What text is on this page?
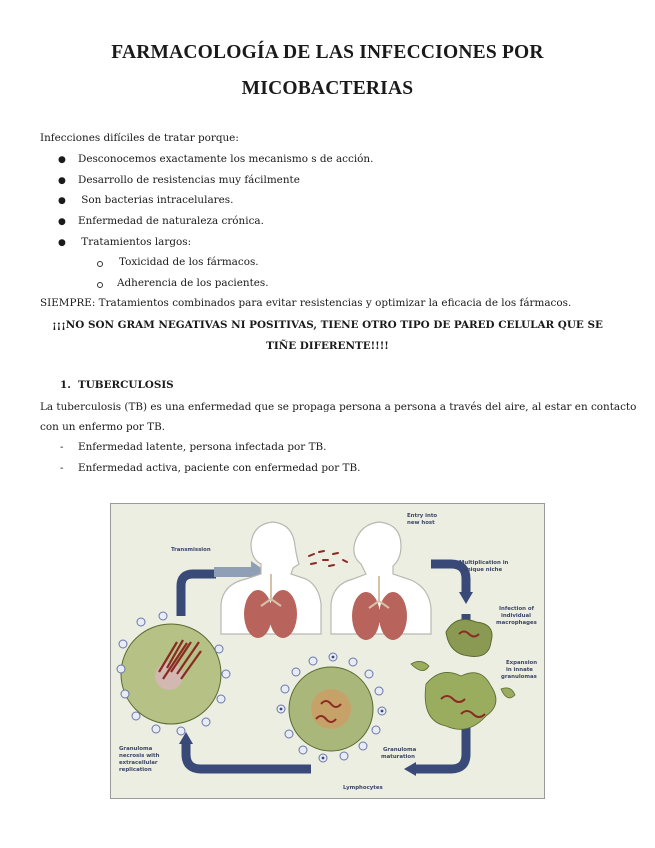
FARMACOLOGÍA DE LAS INFECCIONES POR
MICOBACTERIAS
Infecciones difíciles de tratar porque:
● Desconocemos exactamente los mecanismo s de acción.
● Desarrollo de resistencias muy fácilmente
● Son bacterias intracelulares.
● Enfermedad de naturaleza crónica.
● Tratamientos largos:
Toxicidad de los fármacos.
Adherencia de los pacientes.
SIEMPRE: Tratamientos combinados para evitar resistencias y optimizar la eficacia de los fármacos.
¡¡¡NO SON GRAM NEGATIVAS NI POSITIVAS, TIENE OTRO TIPO DE PARED CELULAR QUE SE
TIÑE DIFERENTE!!!!
1. TUBERCULOSIS
La tuberculosis (TB) es una enfermedad que se propaga persona a persona a través del aire, al estar en contacto
con un enfermo por TB.
- Enfermedad latente, persona infectada por TB.
- Enfermedad activa, paciente con enfermedad por TB.
Transmission
Entry into
new host
Multiplication in
unique niche
Infection of
individual
macrophages
Expansion
in innate
granulomas
Granuloma
maturation
Lymphocytes
Granuloma
necrosis with
extracellular
replication
